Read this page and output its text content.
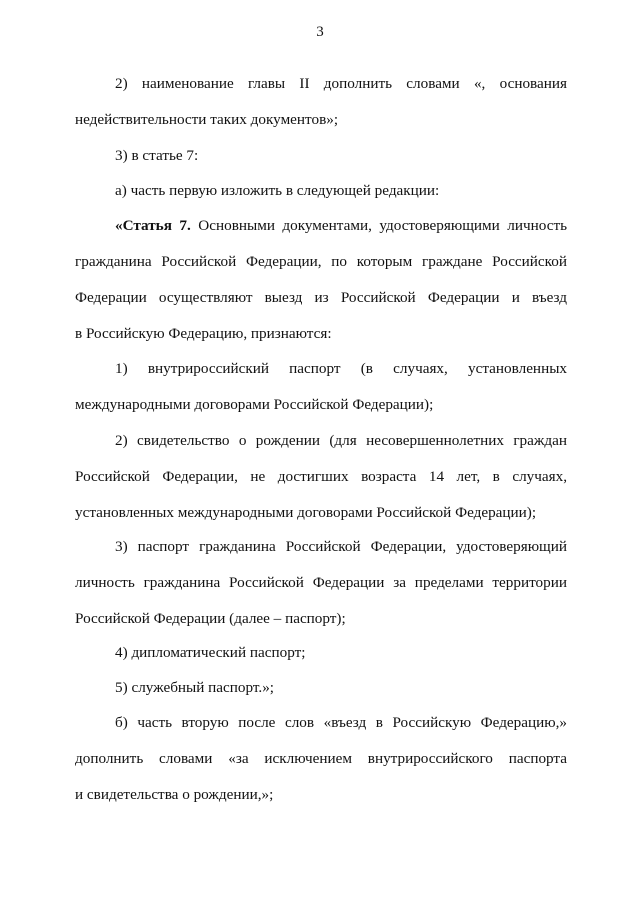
3
2) наименование главы II дополнить словами «, основания
недействительности таких документов»;
3) в статье 7:
а) часть первую изложить в следующей редакции:
«Статья 7. Основными документами, удостоверяющими личность
гражданина Российской Федерации, по которым граждане Российской
Федерации осуществляют выезд из Российской Федерации и въезд
в Российскую Федерацию, признаются:
1) внутрироссийский паспорт (в случаях, установленных
международными договорами Российской Федерации);
2) свидетельство о рождении (для несовершеннолетних граждан
Российской Федерации, не достигших возраста 14 лет, в случаях,
установленных международными договорами Российской Федерации);
3) паспорт гражданина Российской Федерации, удостоверяющий
личность гражданина Российской Федерации за пределами территории
Российской Федерации (далее – паспорт);
4) дипломатический паспорт;
5) служебный паспорт.»;
б) часть вторую после слов «въезд в Российскую Федерацию,»
дополнить словами «за исключением внутрироссийского паспорта
и свидетельства о рождении,»;
